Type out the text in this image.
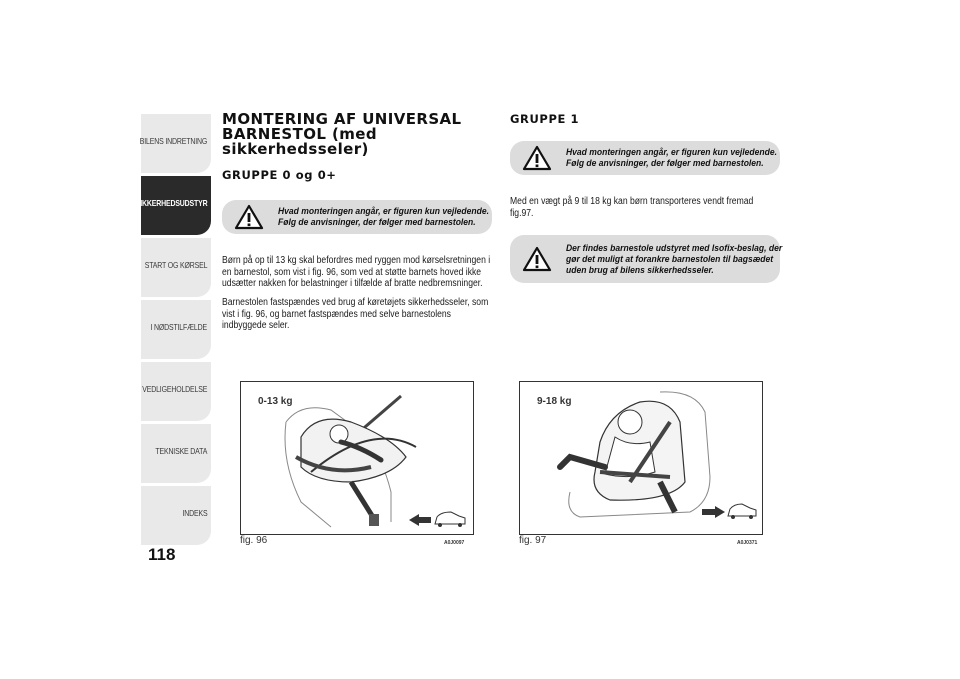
BILENS INDRETNING
SIKKERHEDSUDSTYR
START OG KØRSEL
I NØDSTILFÆLDE
VEDLIGEHOLDELSE
TEKNISKE DATA
INDEKS
118
MONTERING AF UNIVERSAL
BARNESTOL (med
sikkerhedsseler)
GRUPPE 0 og 0+
Hvad monteringen angår, er figuren kun vejledende.
Følg de anvisninger, der følger med barnestolen.

Børn på op til 13 kg skal befordres med ryggen mod kørselsretningen i
en barnestol, som vist i fig. 96, som ved at støtte barnets hoved ikke
udsætter nakken for belastninger i tilfælde af bratte nedbremsninger.

Barnestolen fastspændes ved brug af køretøjets sikkerhedsseler, som
vist i fig. 96, og barnet fastspændes med selve barnestolens
indbyggede seler.

0-13 kg
fig. 96	A0J0097
GRUPPE 1
Hvad monteringen angår, er figuren kun vejledende.
Følg de anvisninger, der følger med barnestolen.

Med en vægt på 9 til 18 kg kan børn transporteres vendt fremad
fig.97.

Der findes barnestole udstyret med Isofix-beslag, der
gør det muligt at forankre barnestolen til bagsædet
uden brug af bilens sikkerhedsseler.
9-18 kg
fig. 97	A0J0371
